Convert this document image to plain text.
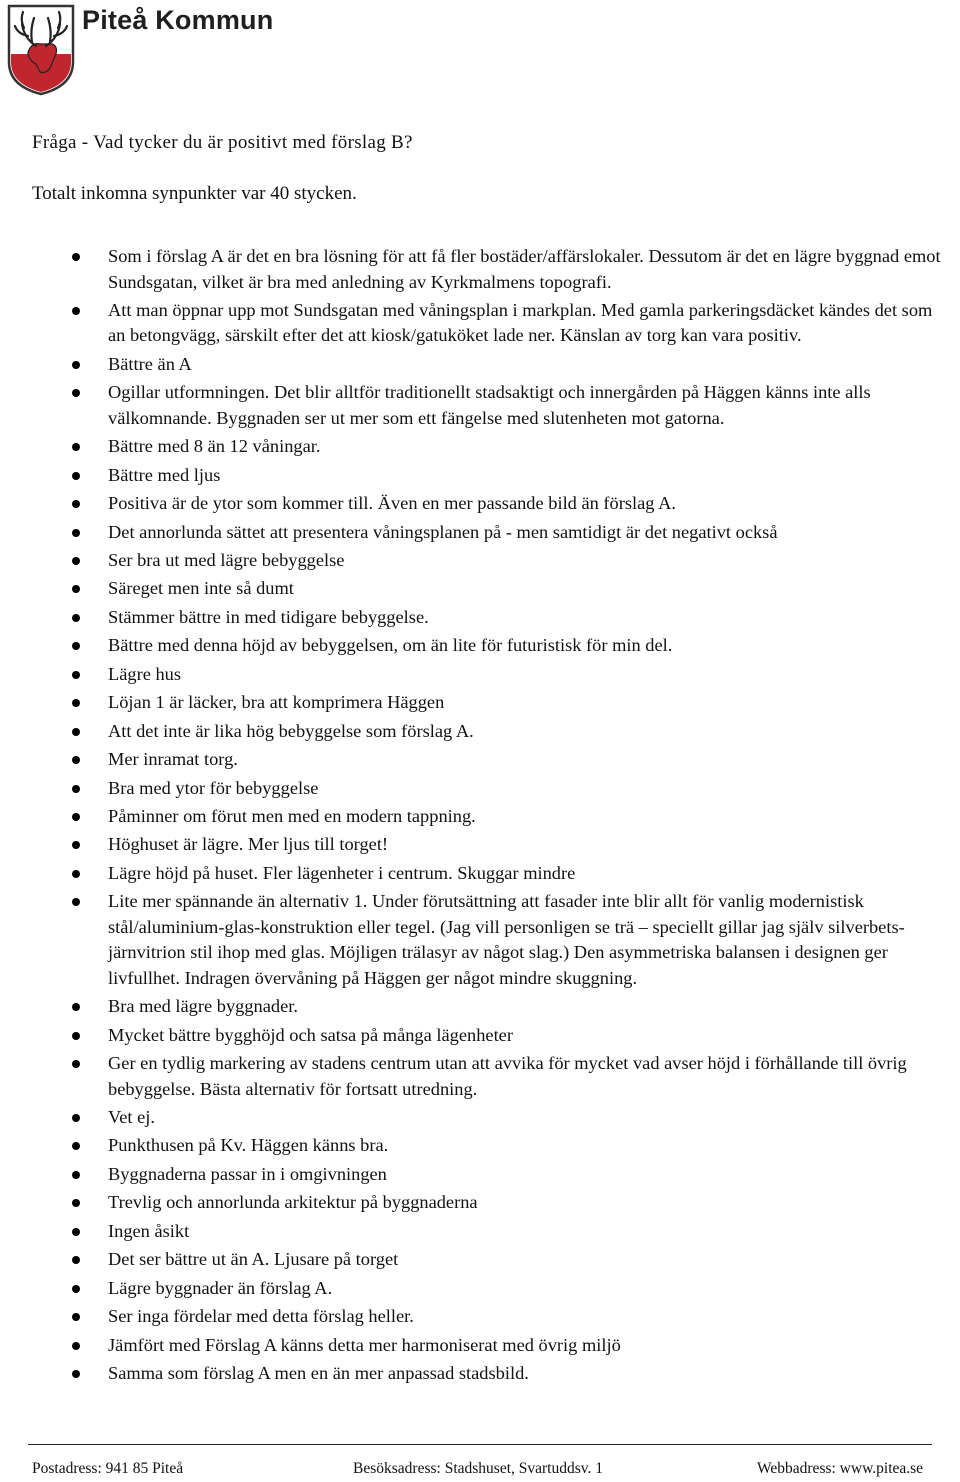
Piteå Kommun
Fråga - Vad tycker du är positivt med förslag B?
Totalt inkomna synpunkter var 40 stycken.
Som i förslag A är det en bra lösning för att få fler bostäder/affärslokaler. Dessutom är det en lägre byggnad emot Sundsgatan, vilket är bra med anledning av Kyrkmalmens topografi.
Att man öppnar upp mot Sundsgatan med våningsplan i markplan. Med gamla parkeringsdäcket kändes det som an betongvägg, särskilt efter det att kiosk/gatuköket lade ner. Känslan av torg kan vara positiv.
Bättre än A
Ogillar utformningen. Det blir alltför traditionellt stadsaktigt och innergården på Häggen känns inte alls välkomnande. Byggnaden ser ut mer som ett fängelse med slutenheten mot gatorna.
Bättre med 8 än 12 våningar.
Bättre med ljus
Positiva är de ytor som kommer till. Även en mer passande bild än förslag A.
Det annorlunda sättet att presentera våningsplanen på - men samtidigt är det negativt också
Ser bra ut med lägre bebyggelse
Säreget men inte så dumt
Stämmer bättre in med tidigare bebyggelse.
Bättre med denna höjd av bebyggelsen, om än lite för futuristisk för min del.
Lägre hus
Löjan 1 är läcker, bra att komprimera Häggen
Att det inte är lika hög bebyggelse som förslag A.
Mer inramat torg.
Bra med ytor för bebyggelse
Påminner om förut men med en modern tappning.
Höghuset är lägre. Mer ljus till torget!
Lägre höjd på huset. Fler lägenheter i centrum. Skuggar mindre
Lite mer spännande än alternativ 1. Under förutsättning att fasader inte blir allt för vanlig modernistisk stål/aluminium-glas-konstruktion eller tegel. (Jag vill personligen se trä – speciellt gillar jag själv silverbets-järnvitrion stil ihop med glas. Möjligen trälasyr av något slag.) Den asymmetriska balansen i designen ger livfullhet. Indragen övervåning på Häggen ger något mindre skuggning.
Bra med lägre byggnader.
Mycket bättre bygghöjd och satsa på många lägenheter
Ger en tydlig markering av stadens centrum utan att avvika för mycket vad avser höjd i förhållande till övrig bebyggelse. Bästa alternativ för fortsatt utredning.
Vet ej.
Punkthusen på Kv. Häggen känns bra.
Byggnaderna passar in i omgivningen
Trevlig och annorlunda arkitektur på byggnaderna
Ingen åsikt
Det ser bättre ut än A. Ljusare på torget
Lägre byggnader än förslag A.
Ser inga fördelar med detta förslag heller.
Jämfört med Förslag A känns detta mer harmoniserat med övrig miljö
Samma som förslag A men en än mer anpassad stadsbild.
Postadress: 941 85 Piteå	Besöksadress: Stadshuset, Svartuddsv. 1	Webbadress: www.pitea.se
